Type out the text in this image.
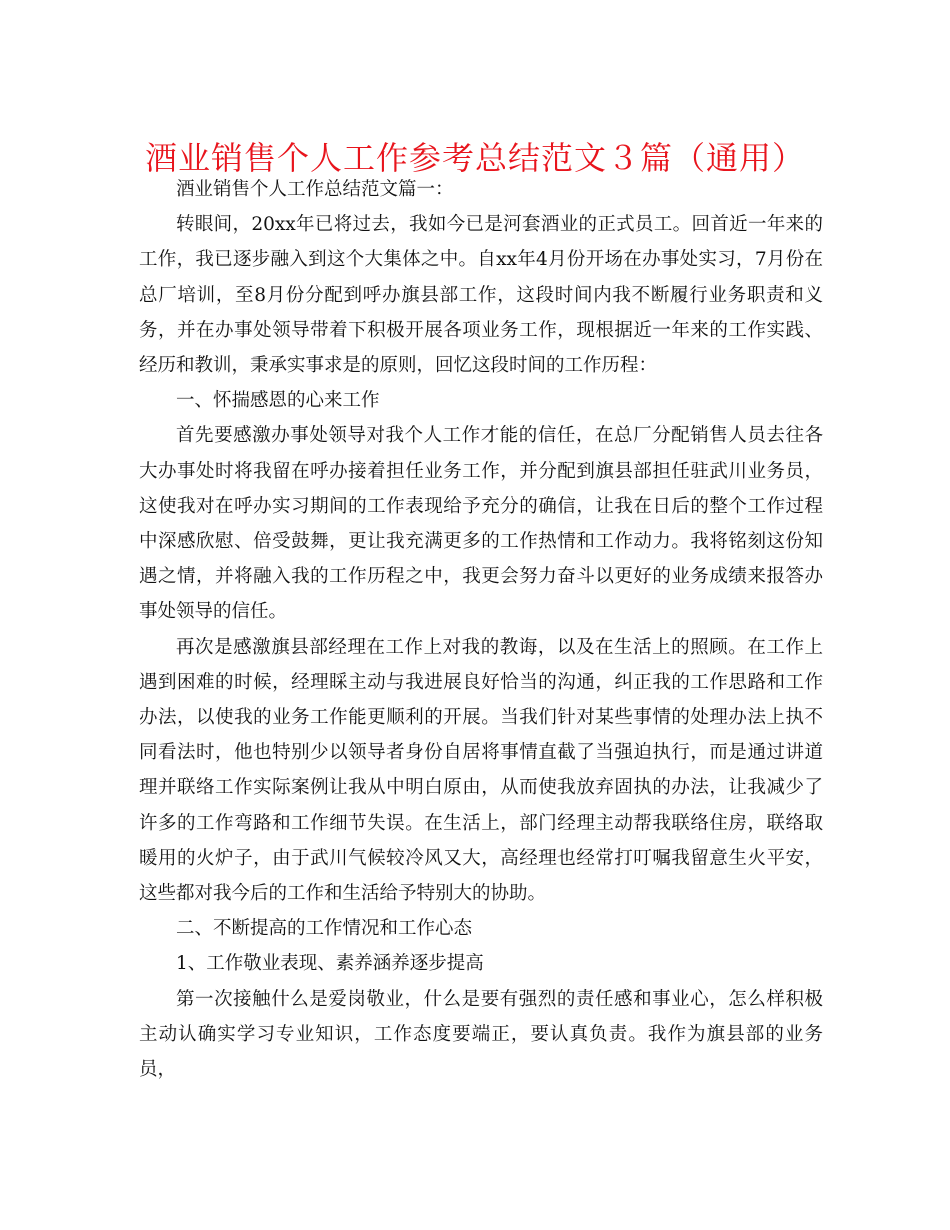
酒业销售个人工作参考总结范文３篇（通用）

酒业销售个人工作总结范文篇一：

转眼间，20xx年已将过去，我如今已是河套酒业的正式员工。回首近一年来的工作，我已逐步融入到这个大集体之中。自xx年4月份开场在办事处实习，7月份在总厂培训，至8月份分配到呼办旗县部工作，这段时间内我不断履行业务职责和义务，并在办事处领导带着下积极开展各项业务工作，现根据近一年来的工作实践、经历和教训，秉承实事求是的原则，回忆这段时间的工作历程：

一、怀揣感恩的心来工作

首先要感激办事处领导对我个人工作才能的信任，在总厂分配销售人员去往各大办事处时将我留在呼办接着担任业务工作，并分配到旗县部担任驻武川业务员，这使我对在呼办实习期间的工作表现给予充分的确信，让我在日后的整个工作过程中深感欣慰、倍受鼓舞，更让我充满更多的工作热情和工作动力。我将铭刻这份知遇之情，并将融入我的工作历程之中，我更会努力奋斗以更好的业务成绩来报答办事处领导的信任。

再次是感激旗县部经理在工作上对我的教诲，以及在生活上的照顾。在工作上遇到困难的时候，经理睬主动与我进展良好恰当的沟通，纠正我的工作思路和工作办法，以使我的业务工作能更顺利的开展。当我们针对某些事情的处理办法上执不同看法时，他也特别少以领导者身份自居将事情直截了当强迫执行，而是通过讲道理并联络工作实际案例让我从中明白原由，从而使我放弃固执的办法，让我减少了许多的工作弯路和工作细节失误。在生活上，部门经理主动帮我联络住房，联络取暖用的火炉子，由于武川气候较冷风又大，高经理也经常打叮嘱我留意生火平安，这些都对我今后的工作和生活给予特别大的协助。

二、不断提高的工作情况和工作心态

1、工作敬业表现、素养涵养逐步提高

第一次接触什么是爱岗敬业，什么是要有强烈的责任感和事业心，怎么样积极主动认确实学习专业知识，工作态度要端正，要认真负责。我作为旗县部的业务员，
